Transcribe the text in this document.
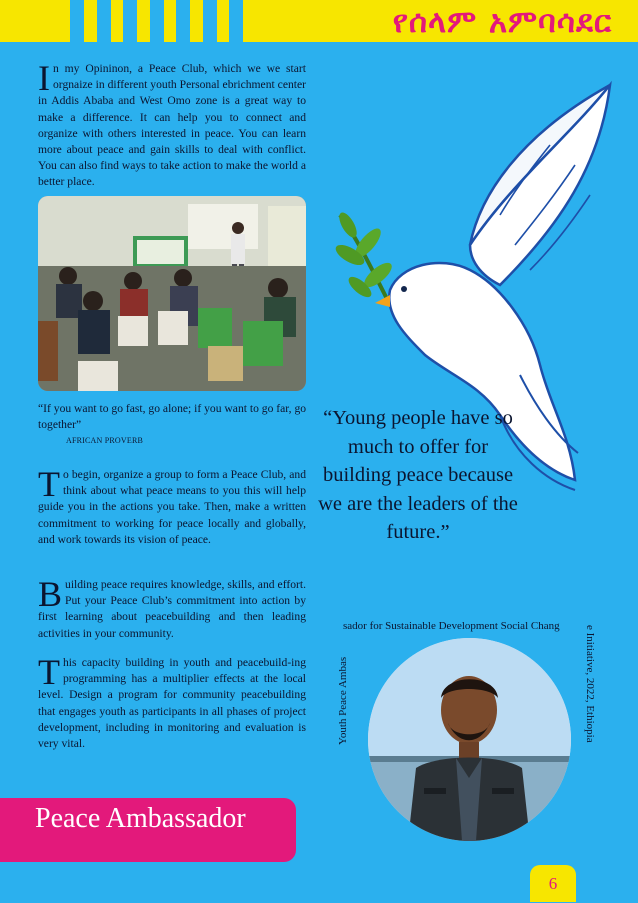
የሰላም አምባሳደር

In my Opininon, a Peace Club, which we we start orgnaize in different youth Personal ebrichment center in Addis Ababa and West Omo zone is a great way to make a difference. It can help you to connect and organize with others interested in peace. You can learn more about peace and gain skills to deal with conflict. You can also find ways to take action to make the world a better place.

“If you want to go fast, go alone; if you want to go far, go together”

AFRICAN PROVERB

To begin, organize a group to form a Peace Club, and think about what peace means to you this will help guide you in the actions you take. Then, make a written commitment to working for peace locally and globally, and work towards its vision of peace.

Building peace requires knowledge, skills, and effort. Put your Peace Club’s commitment into action by first learning about peacebuilding and then leading activities in your community.

This capacity building in youth and peacebuild-ing programming has a multiplier effects at the local level. Design a program for community peacebuilding that engages youth as participants in all phases of project development, including in monitoring and evaluation is very vital.

“Young people have so much to offer for building peace because we are the leaders of the future.”

sador for Sustainable Development Social Chang
Youth Peace Ambas	e Initiative, 2022, Ethiopia
Peace Ambassador
6
